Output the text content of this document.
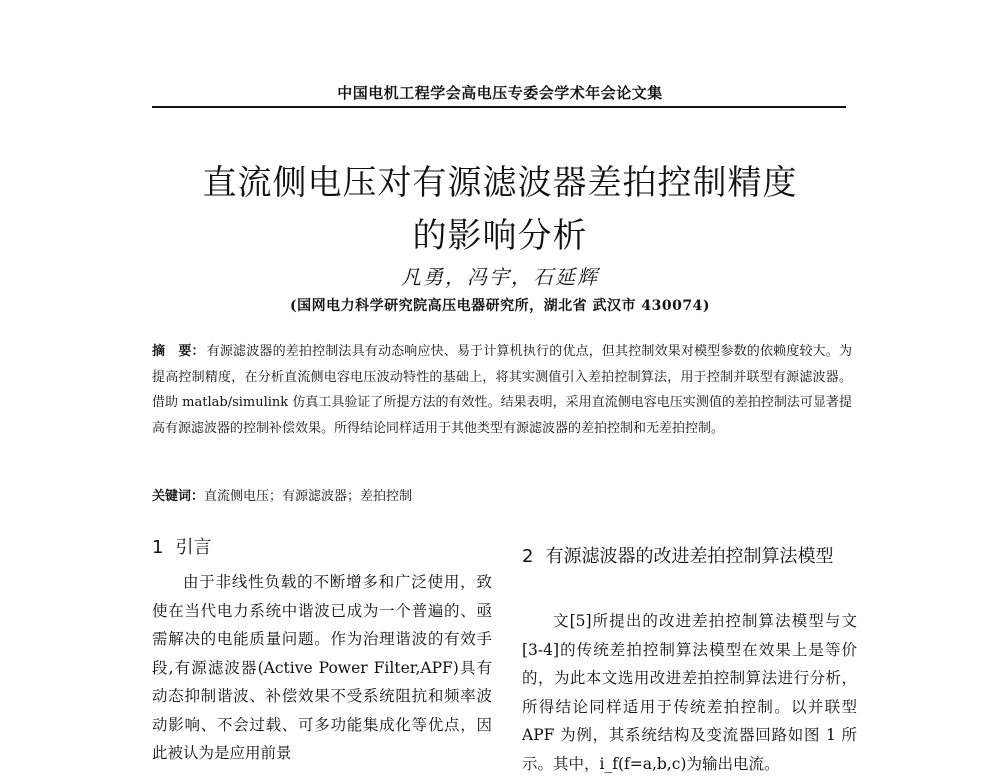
中国电机工程学会高电压专委会学术年会论文集
直流侧电压对有源滤波器差拍控制精度
的影响分析
凡勇，冯宇，石延辉
(国网电力科学研究院高压电器研究所，湖北省 武汉市 430074)
摘　要： 有源滤波器的差拍控制法具有动态响应快、易于计算机执行的优点，但其控制效果对模型参数的依赖度较大。为提高控制精度，在分析直流侧电容电压波动特性的基础上，将其实测值引入差拍控制算法，用于控制并联型有源滤波器。借助 matlab/simulink 仿真工具验证了所提方法的有效性。结果表明，采用直流侧电容电压实测值的差拍控制法可显著提高有源滤波器的控制补偿效果。所得结论同样适用于其他类型有源滤波器的差拍控制和无差拍控制。
关键词：直流侧电压；有源滤波器；差拍控制
1 引言

由于非线性负载的不断增多和广泛使用，致使在当代电力系统中谐波已成为一个普遍的、亟需解决的电能质量问题。作为治理谐波的有效手段,有源滤波器(Active Power Filter,APF)具有动态抑制谐波、补偿效果不受系统阻抗和频率波动影响、不会过载、可多功能集成化等优点，因此被认为是应用前景

2 有源滤波器的改进差拍控制算法模型

文[5]所提出的改进差拍控制算法模型与文[3-4]的传统差拍控制算法模型在效果上是等价的，为此本文选用改进差拍控制算法进行分析，所得结论同样适用于传统差拍控制。以并联型 APF 为例，其系统结构及变流器回路如图 1 所示。其中，i_f(f=a,b,c)为输出电流。
